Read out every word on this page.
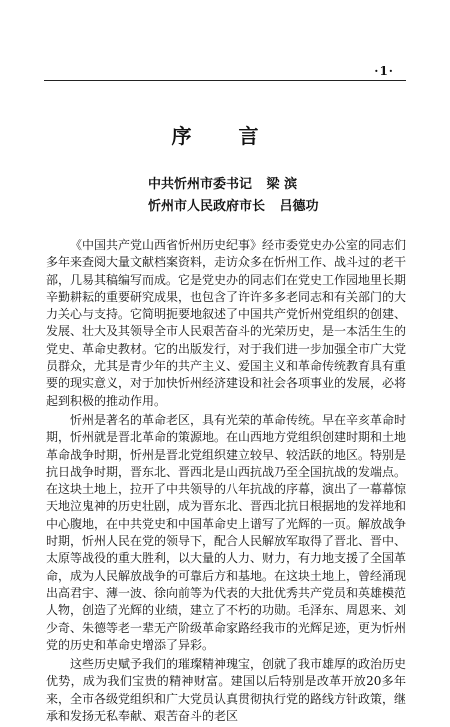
·1·
序 言
中共忻州市委书记 梁 滨
忻州市人民政府市长 吕德功

《中国共产党山西省忻州历史纪事》经市委党史办公室的同志们多年来查阅大量文献档案资料，走访众多在忻州工作、战斗过的老干部，几易其稿编写而成。它是党史办的同志们在党史工作园地里长期辛勤耕耘的重要研究成果，也包含了许许多多老同志和有关部门的大力关心与支持。它简明扼要地叙述了中国共产党忻州党组织的创建、发展、壮大及其领导全市人民艰苦奋斗的光荣历史，是一本活生生的党史、革命史教材。它的出版发行，对于我们进一步加强全市广大党员群众，尤其是青少年的共产主义、爱国主义和革命传统教育具有重要的现实意义，对于加快忻州经济建设和社会各项事业的发展，必将起到积极的推动作用。

忻州是著名的革命老区，具有光荣的革命传统。早在辛亥革命时期，忻州就是晋北革命的策源地。在山西地方党组织创建时期和土地革命战争时期，忻州是晋北党组织建立较早、较活跃的地区。特别是抗日战争时期，晋东北、晋西北是山西抗战乃至全国抗战的发端点。在这块土地上，拉开了中共领导的八年抗战的序幕，演出了一幕幕惊天地泣鬼神的历史壮剧，成为晋东北、晋西北抗日根据地的发祥地和中心腹地，在中共党史和中国革命史上谱写了光辉的一页。解放战争时期，忻州人民在党的领导下，配合人民解放军取得了晋北、晋中、太原等战役的重大胜利，以大量的人力、财力，有力地支援了全国革命，成为人民解放战争的可靠后方和基地。在这块土地上，曾经涌现出高君宇、薄一波、徐向前等为代表的大批优秀共产党员和英雄模范人物，创造了光辉的业绩，建立了不朽的功勋。毛泽东、周恩来、刘少奇、朱德等老一辈无产阶级革命家路经我市的光辉足迹，更为忻州党的历史和革命史增添了异彩。

这些历史赋予我们的璀璨精神瑰宝，创就了我市雄厚的政治历史优势，成为我们宝贵的精神财富。建国以后特别是改革开放20多年来，全市各级党组织和广大党员认真贯彻执行党的路线方针政策，继承和发扬无私奉献、艰苦奋斗的老区
